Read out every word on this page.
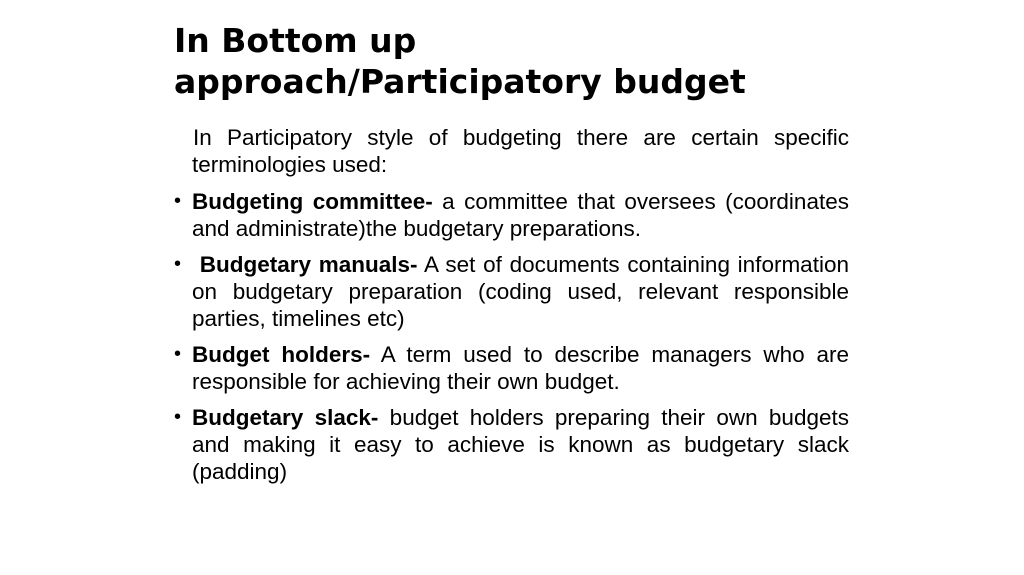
In Bottom up
approach/Participatory budget

In Participatory style of budgeting there are certain specific terminologies used:

• Budgeting committee- a committee that oversees (coordinates and administrate)the budgetary preparations.
• Budgetary manuals- A set of documents containing information on budgetary preparation (coding used, relevant responsible parties, timelines etc)
• Budget holders- A term used to describe managers who are responsible for achieving their own budget.
• Budgetary slack- budget holders preparing their own budgets and making it easy to achieve is known as budgetary slack (padding)
